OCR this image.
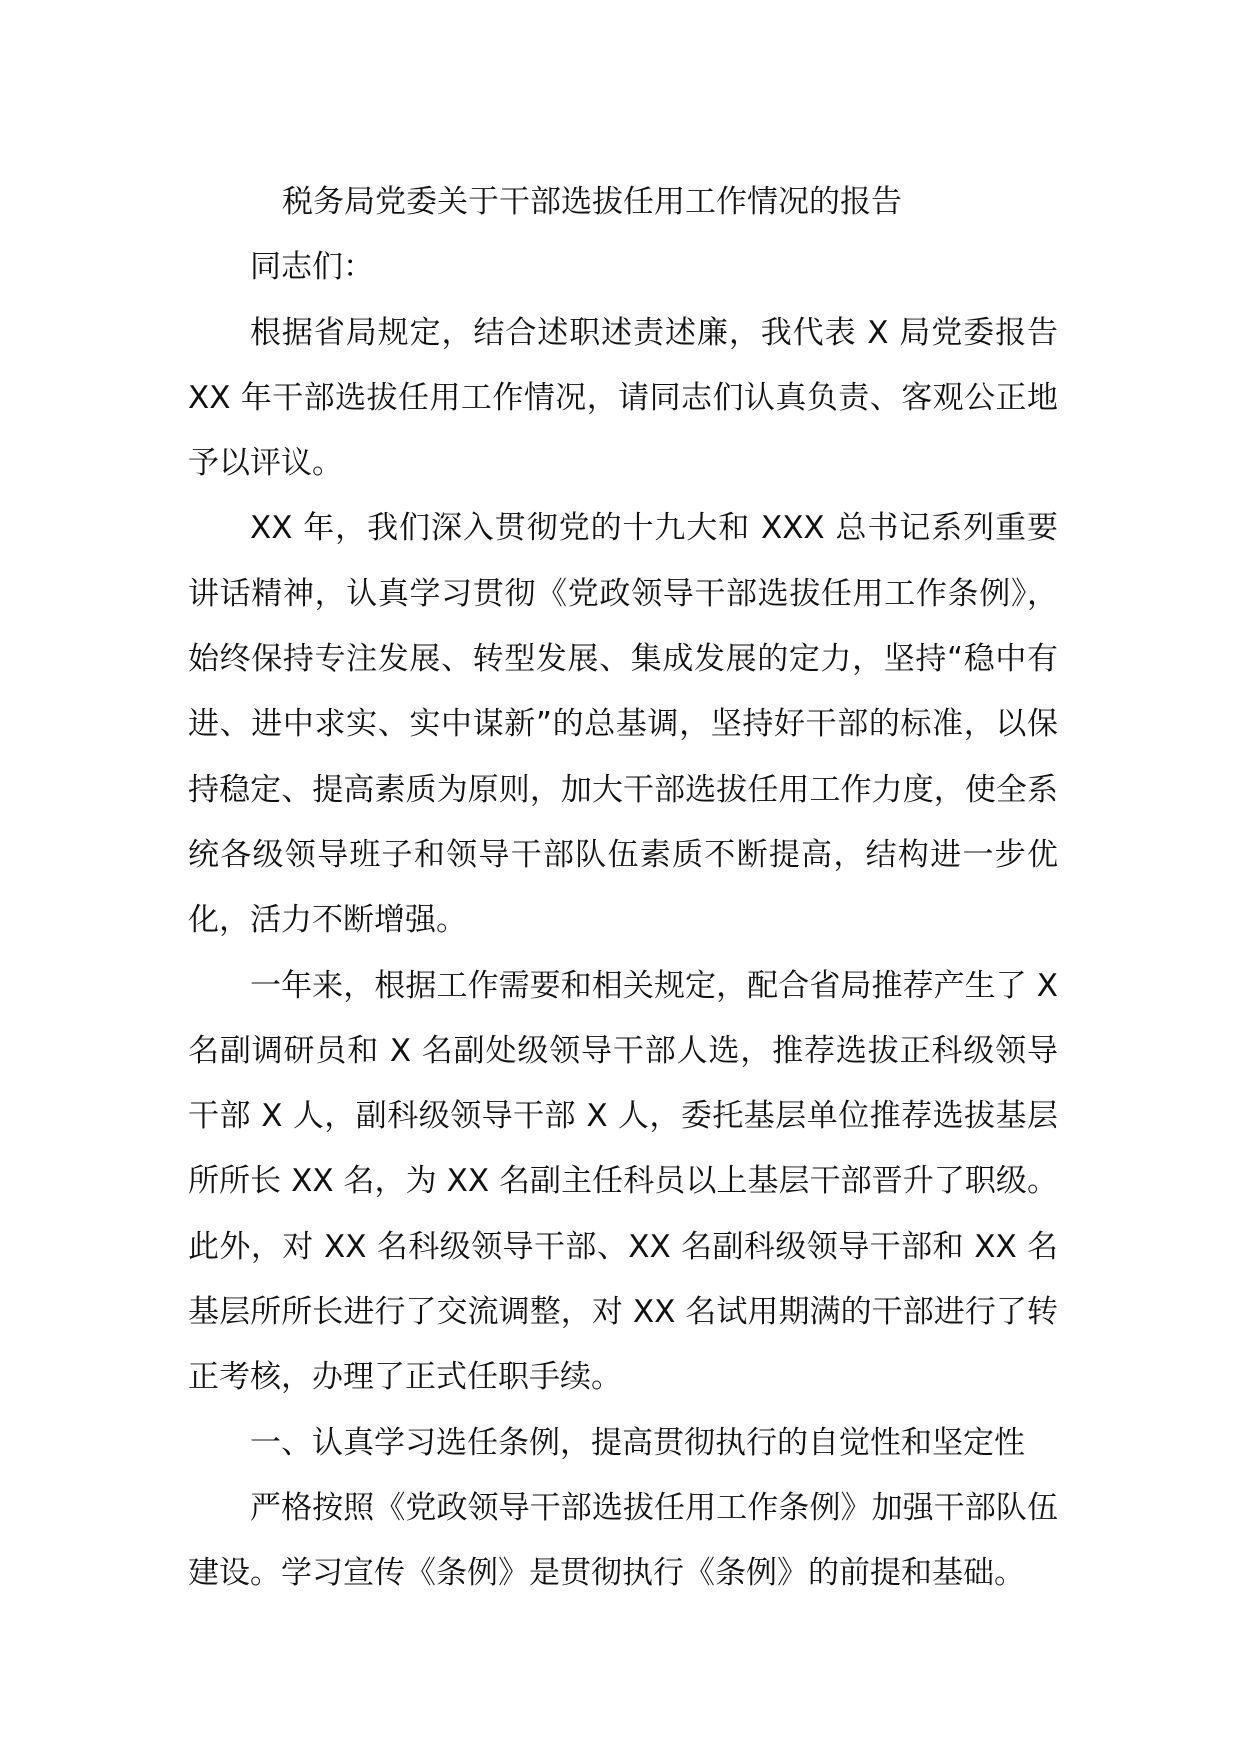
税务局党委关于干部选拔任用工作情况的报告

同志们：

根据省局规定，结合述职述责述廉，我代表 X 局党委报告 XX 年干部选拔任用工作情况，请同志们认真负责、客观公正地予以评议。

XX 年，我们深入贯彻党的十九大和 XXX 总书记系列重要讲话精神，认真学习贯彻《党政领导干部选拔任用工作条例》，始终保持专注发展、转型发展、集成发展的定力，坚持“稳中有进、进中求实、实中谋新”的总基调，坚持好干部的标准，以保持稳定、提高素质为原则，加大干部选拔任用工作力度，使全系统各级领导班子和领导干部队伍素质不断提高，结构进一步优化，活力不断增强。

一年来，根据工作需要和相关规定，配合省局推荐产生了 X 名副调研员和 X 名副处级领导干部人选，推荐选拔正科级领导干部 X 人，副科级领导干部 X 人，委托基层单位推荐选拔基层所所长 XX 名，为 XX 名副主任科员以上基层干部晋升了职级。此外，对 XX 名科级领导干部、XX 名副科级领导干部和 XX 名基层所所长进行了交流调整，对 XX 名试用期满的干部进行了转正考核，办理了正式任职手续。

一、认真学习选任条例，提高贯彻执行的自觉性和坚定性

严格按照《党政领导干部选拔任用工作条例》加强干部队伍建设。学习宣传《条例》是贯彻执行《条例》的前提和基础。
